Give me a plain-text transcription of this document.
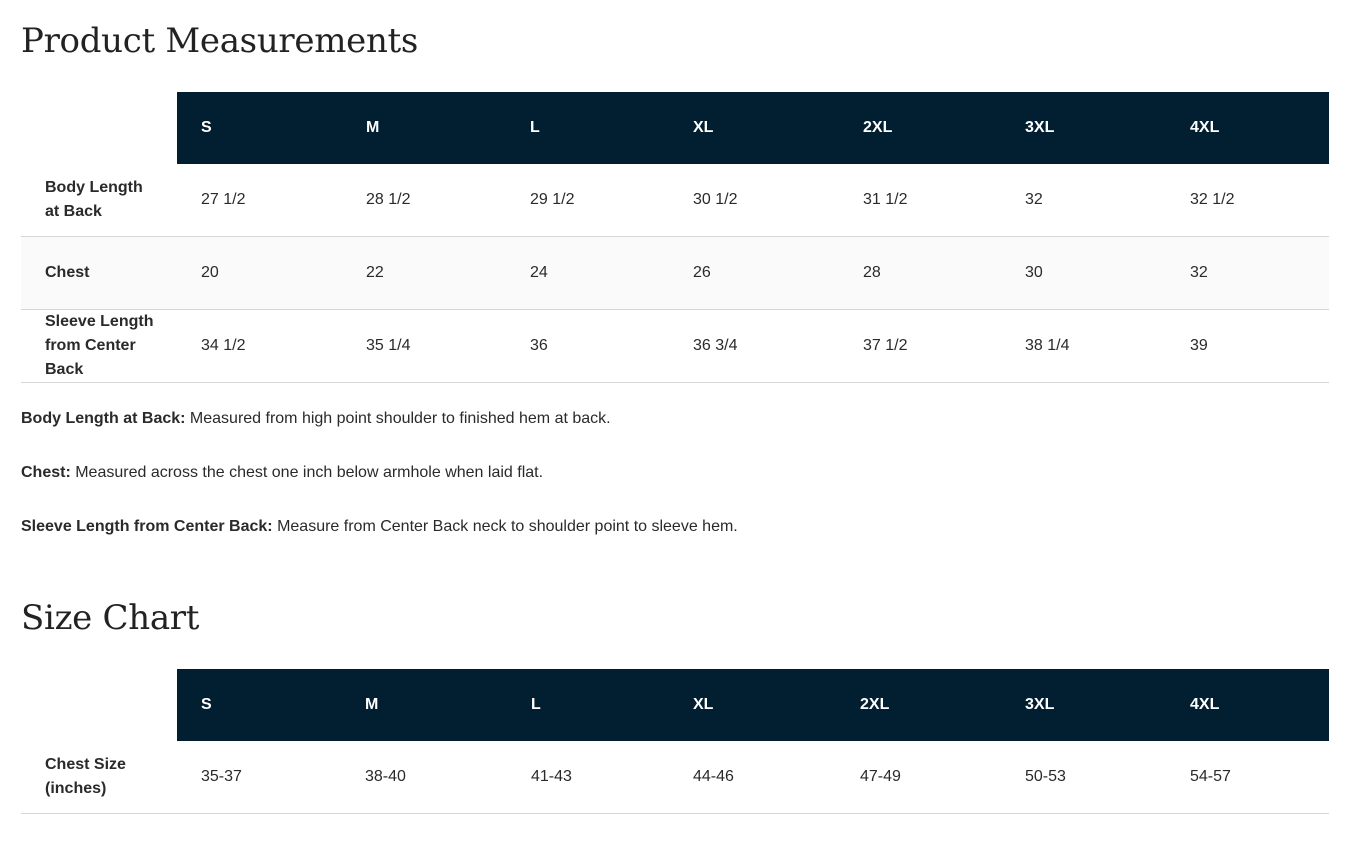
Product Measurements
	S	M	L	XL	2XL	3XL	4XL
Body Length at Back	27 1/2	28 1/2	29 1/2	30 1/2	31 1/2	32	32 1/2
Chest	20	22	24	26	28	30	32
Sleeve Length from Center Back	34 1/2	35 1/4	36	36 3/4	37 1/2	38 1/4	39

Body Length at Back: Measured from high point shoulder to finished hem at back.

Chest: Measured across the chest one inch below armhole when laid flat.

Sleeve Length from Center Back: Measure from Center Back neck to shoulder point to sleeve hem.

Size Chart
	S	M	L	XL	2XL	3XL	4XL
Chest Size (inches)	35-37	38-40	41-43	44-46	47-49	50-53	54-57
